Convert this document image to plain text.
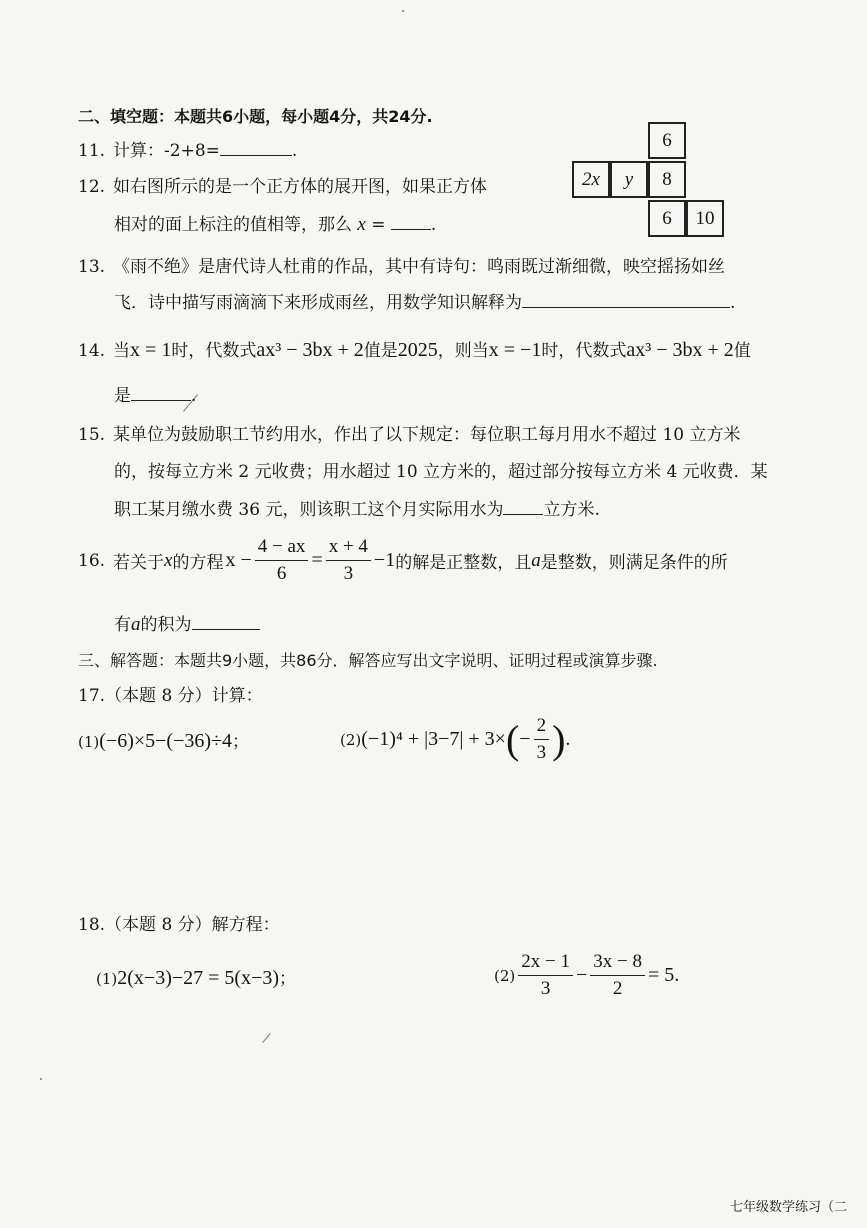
二、填空题：本题共6小题，每小题4分，共24分.
11. 计算：-2+8=	.
12. 如右图所示的是一个正方体的展开图，如果正方体
相对的面上标注的值相等，那么 x =	.
6
2x y	8
6	10
13. 《雨不绝》是唐代诗人杜甫的作品，其中有诗句：鸣雨既过渐细微，映空摇扬如丝
飞．诗中描写雨滴滴下来形成雨丝，用数学知识解释为	.
14. 当x = 1时，代数式ax³ − 3bx + 2值是2025，则当x = −1时，代数式ax³ − 3bx + 2值
是	.
15. 某单位为鼓励职工节约用水，作出了以下规定：每位职工每月用水不超过 10 立方米
的，按每立方米 2 元收费；用水超过 10 立方米的，超过部分按每立方米 4 元收费．某
职工某月缴水费 36 元，则该职工这个月实际用水为 立方米.
16. 若关于 x 的方程 $x - \frac{4 - ax}{6} = \frac{x + 4}{3} -1$ 的解是正整数，且 a 是整数，则满足条件的所
有a的积为
三、解答题：本题共9小题，共86分．解答应写出文字说明、证明过程或演算步骤.
17.（本题 8 分）计算：
(1)(−6)×5−(−36)÷4；	(2) (−1)⁴ + |3−7| + 3× ( − $\frac{2}{3}$ ) .
18.（本题 8 分）解方程：
(1)2(x−3)−27 = 5(x−3)；	$(2) \frac{2x - 1}{3} - \frac{3x - 8}{2} = 5$ .
七年级数学练习（二
